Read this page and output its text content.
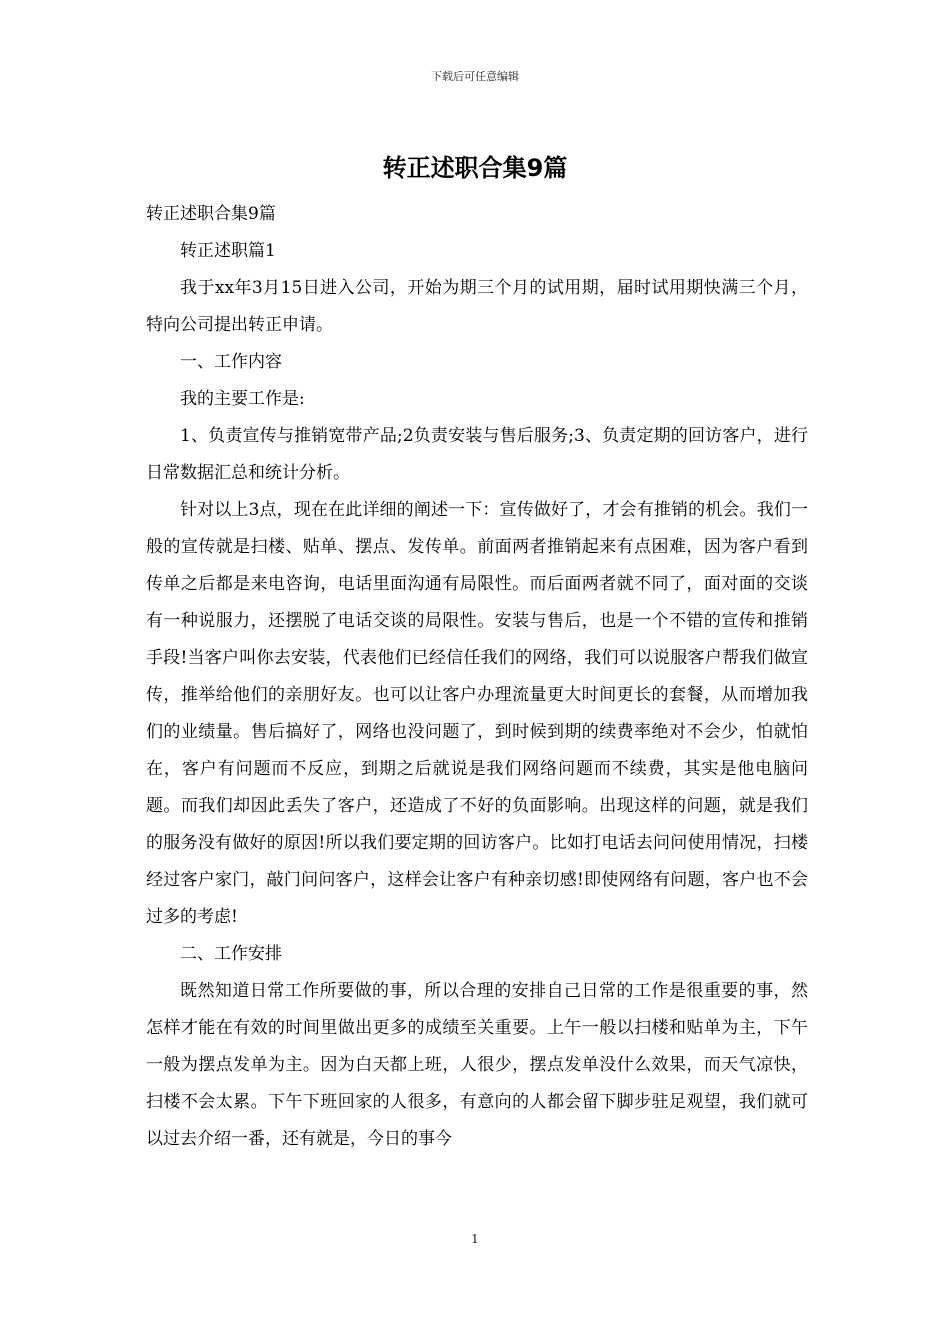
下载后可任意编辑
转正述职合集9篇

转正述职合集9篇

转正述职篇1

我于xx年3月15日进入公司，开始为期三个月的试用期，届时试用期快满三个月，特向公司提出转正申请。

一、工作内容

我的主要工作是:

1、负责宣传与推销宽带产品;2负责安装与售后服务;3、负责定期的回访客户，进行日常数据汇总和统计分析。

针对以上3点，现在在此详细的阐述一下：宣传做好了，才会有推销的机会。我们一般的宣传就是扫楼、贴单、摆点、发传单。前面两者推销起来有点困难，因为客户看到传单之后都是来电咨询，电话里面沟通有局限性。而后面两者就不同了，面对面的交谈有一种说服力，还摆脱了电话交谈的局限性。安装与售后，也是一个不错的宣传和推销手段!当客户叫你去安装，代表他们已经信任我们的网络，我们可以说服客户帮我们做宣传，推举给他们的亲朋好友。也可以让客户办理流量更大时间更长的套餐，从而增加我们的业绩量。售后搞好了，网络也没问题了，到时候到期的续费率绝对不会少，怕就怕在，客户有问题而不反应，到期之后就说是我们网络问题而不续费，其实是他电脑问题。而我们却因此丢失了客户，还造成了不好的负面影响。出现这样的问题，就是我们的服务没有做好的原因!所以我们要定期的回访客户。比如打电话去问问使用情况，扫楼经过客户家门，敲门问问客户，这样会让客户有种亲切感!即使网络有问题，客户也不会过多的考虑!

二、工作安排

既然知道日常工作所要做的事，所以合理的安排自己日常的工作是很重要的事，然怎样才能在有效的时间里做出更多的成绩至关重要。上午一般以扫楼和贴单为主，下午一般为摆点发单为主。因为白天都上班，人很少，摆点发单没什么效果，而天气凉快，扫楼不会太累。下午下班回家的人很多，有意向的人都会留下脚步驻足观望，我们就可以过去介绍一番，还有就是，今日的事今

1
